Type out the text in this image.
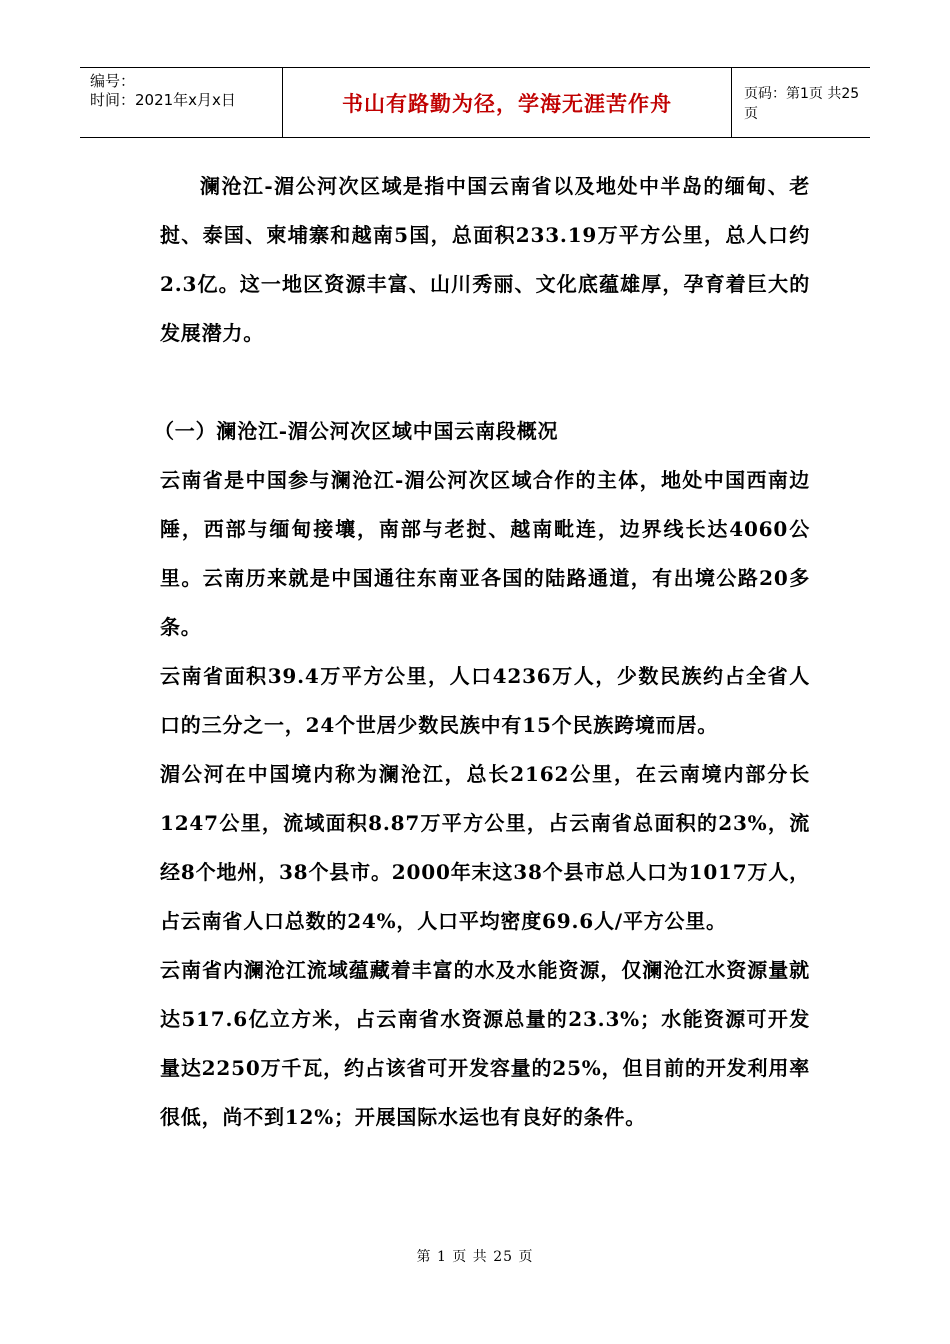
编号：
时间：2021年x月x日	书山有路勤为径，学海无涯苦作舟	页码：第1页 共25页

澜沧江-湄公河次区域是指中国云南省以及地处中半岛的缅甸、老挝、泰国、柬埔寨和越南5国，总面积233.19万平方公里，总人口约2.3亿。这一地区资源丰富、山川秀丽、文化底蕴雄厚，孕育着巨大的发展潜力。

（一）澜沧江-湄公河次区域中国云南段概况

云南省是中国参与澜沧江-湄公河次区域合作的主体，地处中国西南边陲，西部与缅甸接壤，南部与老挝、越南毗连，边界线长达4060公里。云南历来就是中国通往东南亚各国的陆路通道，有出境公路20多条。

云南省面积39.4万平方公里，人口4236万人，少数民族约占全省人口的三分之一，24个世居少数民族中有15个民族跨境而居。

湄公河在中国境内称为澜沧江，总长2162公里，在云南境内部分长1247公里，流域面积8.87万平方公里，占云南省总面积的23%，流经8个地州，38个县市。2000年末这38个县市总人口为1017万人，占云南省人口总数的24%，人口平均密度69.6人/平方公里。

云南省内澜沧江流域蕴藏着丰富的水及水能资源，仅澜沧江水资源量就达517.6亿立方米，占云南省水资源总量的23.3%；水能资源可开发量达2250万千瓦，约占该省可开发容量的25%，但目前的开发利用率很低，尚不到12%；开展国际水运也有良好的条件。

第 1 页 共 25 页
